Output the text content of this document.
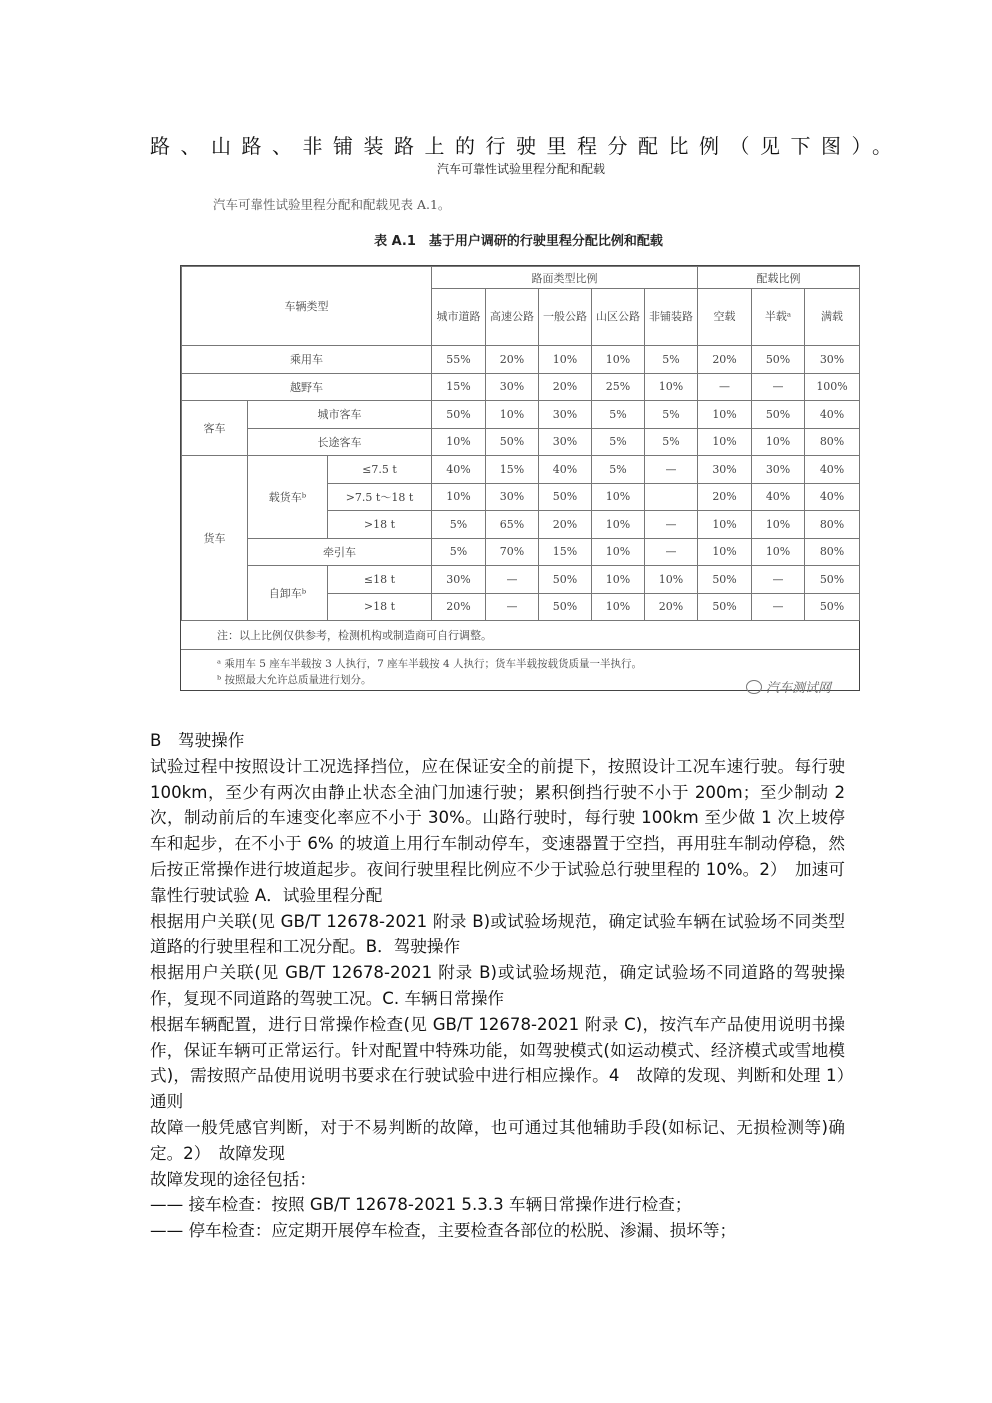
路、山路、非铺装路上的行驶里程分配比例（见下图）。
汽车可靠性试验里程分配和配载
汽车可靠性试验里程分配和配载见表 A.1。
表 A.1　基于用户调研的行驶里程分配比例和配载
车辆类型			路面类型比例					配载比例		
			城市道路	高速公路	一般公路	山区公路	非铺装路	空载	半载ᵃ	满载
乘用车			55%	20%	10%	10%	5%	20%	50%	30%
越野车			15%	30%	20%	25%	10%	—	—	100%
客车	城市客车		50%	10%	30%	5%	5%	10%	50%	40%
	长途客车		10%	50%	30%	5%	5%	10%	10%	80%
货车	载货车ᵇ	≤7.5 t	40%	15%	40%	5%	—	30%	30%	40%
		>7.5 t～18 t	10%	30%	50%	10%		20%	40%	40%
		>18 t	5%	65%	20%	10%	—	10%	10%	80%
	牵引车		5%	70%	15%	10%	—	10%	10%	80%
	自卸车ᵇ	≤18 t	30%	—	50%	10%	10%	50%	—	50%
		>18 t	20%	—	50%	10%	20%	50%	—	50%
注：以上比例仅供参考，检测机构或制造商可自行调整。
ᵃ 乘用车 5 座车半载按 3 人执行，7 座车半载按 4 人执行；货车半载按载货质量一半执行。
ᵇ 按照最大允许总质量进行划分。
汽车测试网

B　驾驶操作

试验过程中按照设计工况选择挡位，应在保证安全的前提下，按照设计工况车速行驶。每行驶 100km，至少有两次由静止状态全油门加速行驶；累积倒挡行驶不小于 200m；至少制动 2 次，制动前后的车速变化率应不小于 30%。山路行驶时，每行驶 100km 至少做 1 次上坡停车和起步，在不小于 6% 的坡道上用行车制动停车，变速器置于空挡，再用驻车制动停稳，然后按正常操作进行坡道起步。夜间行驶里程比例应不少于试验总行驶里程的 10%。2）　加速可靠性行驶试验 A．试验里程分配

根据用户关联(见 GB/T 12678-2021 附录 B)或试验场规范，确定试验车辆在试验场不同类型道路的行驶里程和工况分配。B．驾驶操作

根据用户关联(见 GB/T 12678-2021 附录 B)或试验场规范，确定试验场不同道路的驾驶操作，复现不同道路的驾驶工况。C. 车辆日常操作

根据车辆配置，进行日常操作检查(见 GB/T 12678-2021 附录 C)，按汽车产品使用说明书操作，保证车辆可正常运行。针对配置中特殊功能，如驾驶模式(如运动模式、经济模式或雪地模式)，需按照产品使用说明书要求在行驶试验中进行相应操作。4　故障的发现、判断和处理 1）　通则

故障一般凭感官判断，对于不易判断的故障，也可通过其他辅助手段(如标记、无损检测等)确定。2）　故障发现

故障发现的途径包括：

—— 接车检查：按照 GB/T 12678-2021 5.3.3 车辆日常操作进行检查；

—— 停车检查：应定期开展停车检查，主要检查各部位的松脱、渗漏、损坏等；
